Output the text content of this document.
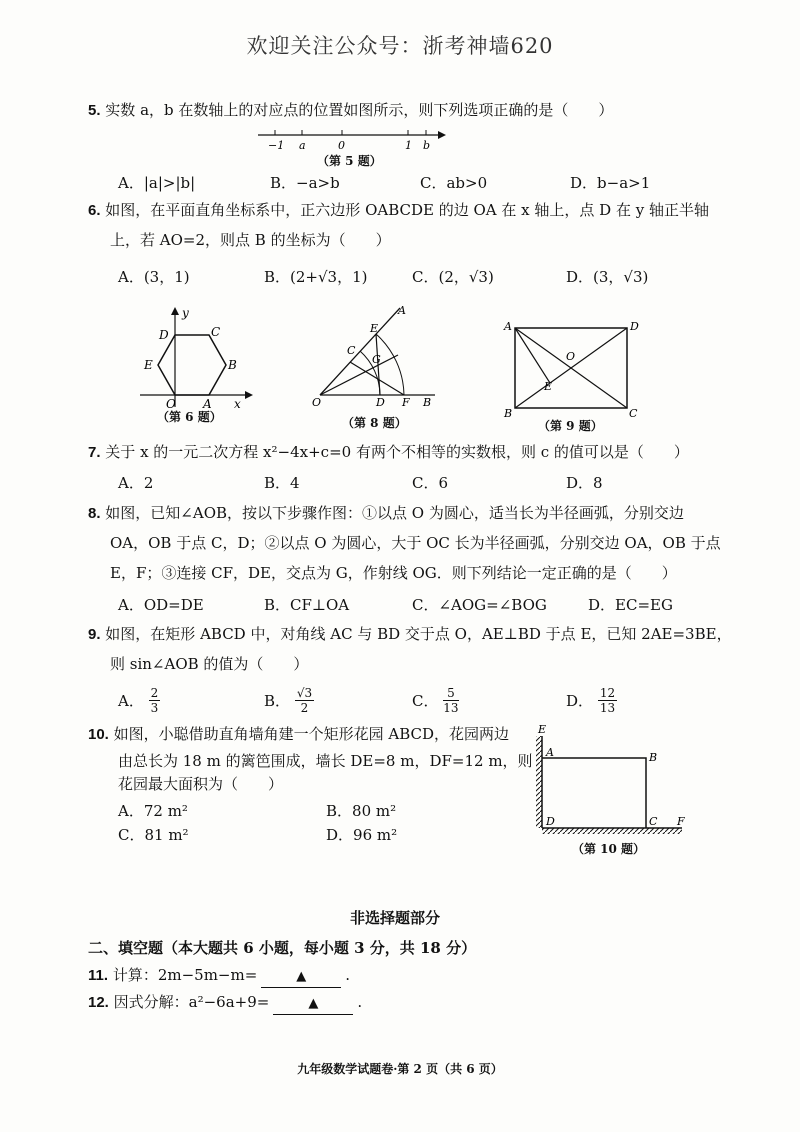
欢迎关注公众号：浙考神墙620
5. 实数 a，b 在数轴上的对应点的位置如图所示，则下列选项正确的是（　　）
−1 a	0	1 b
（第 5 题）
A．|a|>|b|	B．−a>b	C．ab>0	D．b−a>1
6. 如图，在平面直角坐标系中，正六边形 OABCDE 的边 OA 在 x 轴上，点 D 在 y 轴正半轴
上，若 AO=2，则点 B 的坐标为（　　）
A．(3，1)	B．(2+√3，1)	C．(2，√3)	D．(3，√3)
y
D	C
E	B
O A x
（第 6 题）
A
E
C
G
O	D F B
（第 8 题）
A	D
O
E
B	C
（第 9 题）
7. 关于 x 的一元二次方程 x²−4x+c=0 有两个不相等的实数根，则 c 的值可以是（　　）
A．2	B．4	C．6	D．8
8. 如图，已知∠AOB，按以下步骤作图：①以点 O 为圆心，适当长为半径画弧，分别交边
OA，OB 于点 C，D；②以点 O 为圆心，大于 OC 长为半径画弧，分别交边 OA，OB 于点
E，F；③连接 CF，DE，交点为 G，作射线 OG．则下列结论一定正确的是（　　）
A．OD=DE	B．CF⊥OA	C．∠AOG=∠BOG	D．EC=EG
9. 如图，在矩形 ABCD 中，对角线 AC 与 BD 交于点 O，AE⊥BD 于点 E，已知 2AE=3BE，
则 sin∠AOB 的值为（　　）
A． $\frac{2}{3}$	B． $\frac{√3}{2}$	C． $\frac{5}{13}$	D． $\frac{12}{13}$
10. 如图，小聪借助直角墙角建一个矩形花园 ABCD，花园两边
由总长为 18 m 的篱笆围成，墙长 DE=8 m，DF=12 m，则
花园最大面积为（　　）
A．72 m²	B．80 m²
C．81 m²	D．96 m²
E
A	B
D	C F
（第 10 题）
非选择题部分
二、填空题（本大题共 6 小题，每小题 3 分，共 18 分）
11. 计算：2m−5m−m=	▲	.
12. 因式分解：a²−6a+9=	▲	.
九年级数学试题卷·第 2 页（共 6 页）
